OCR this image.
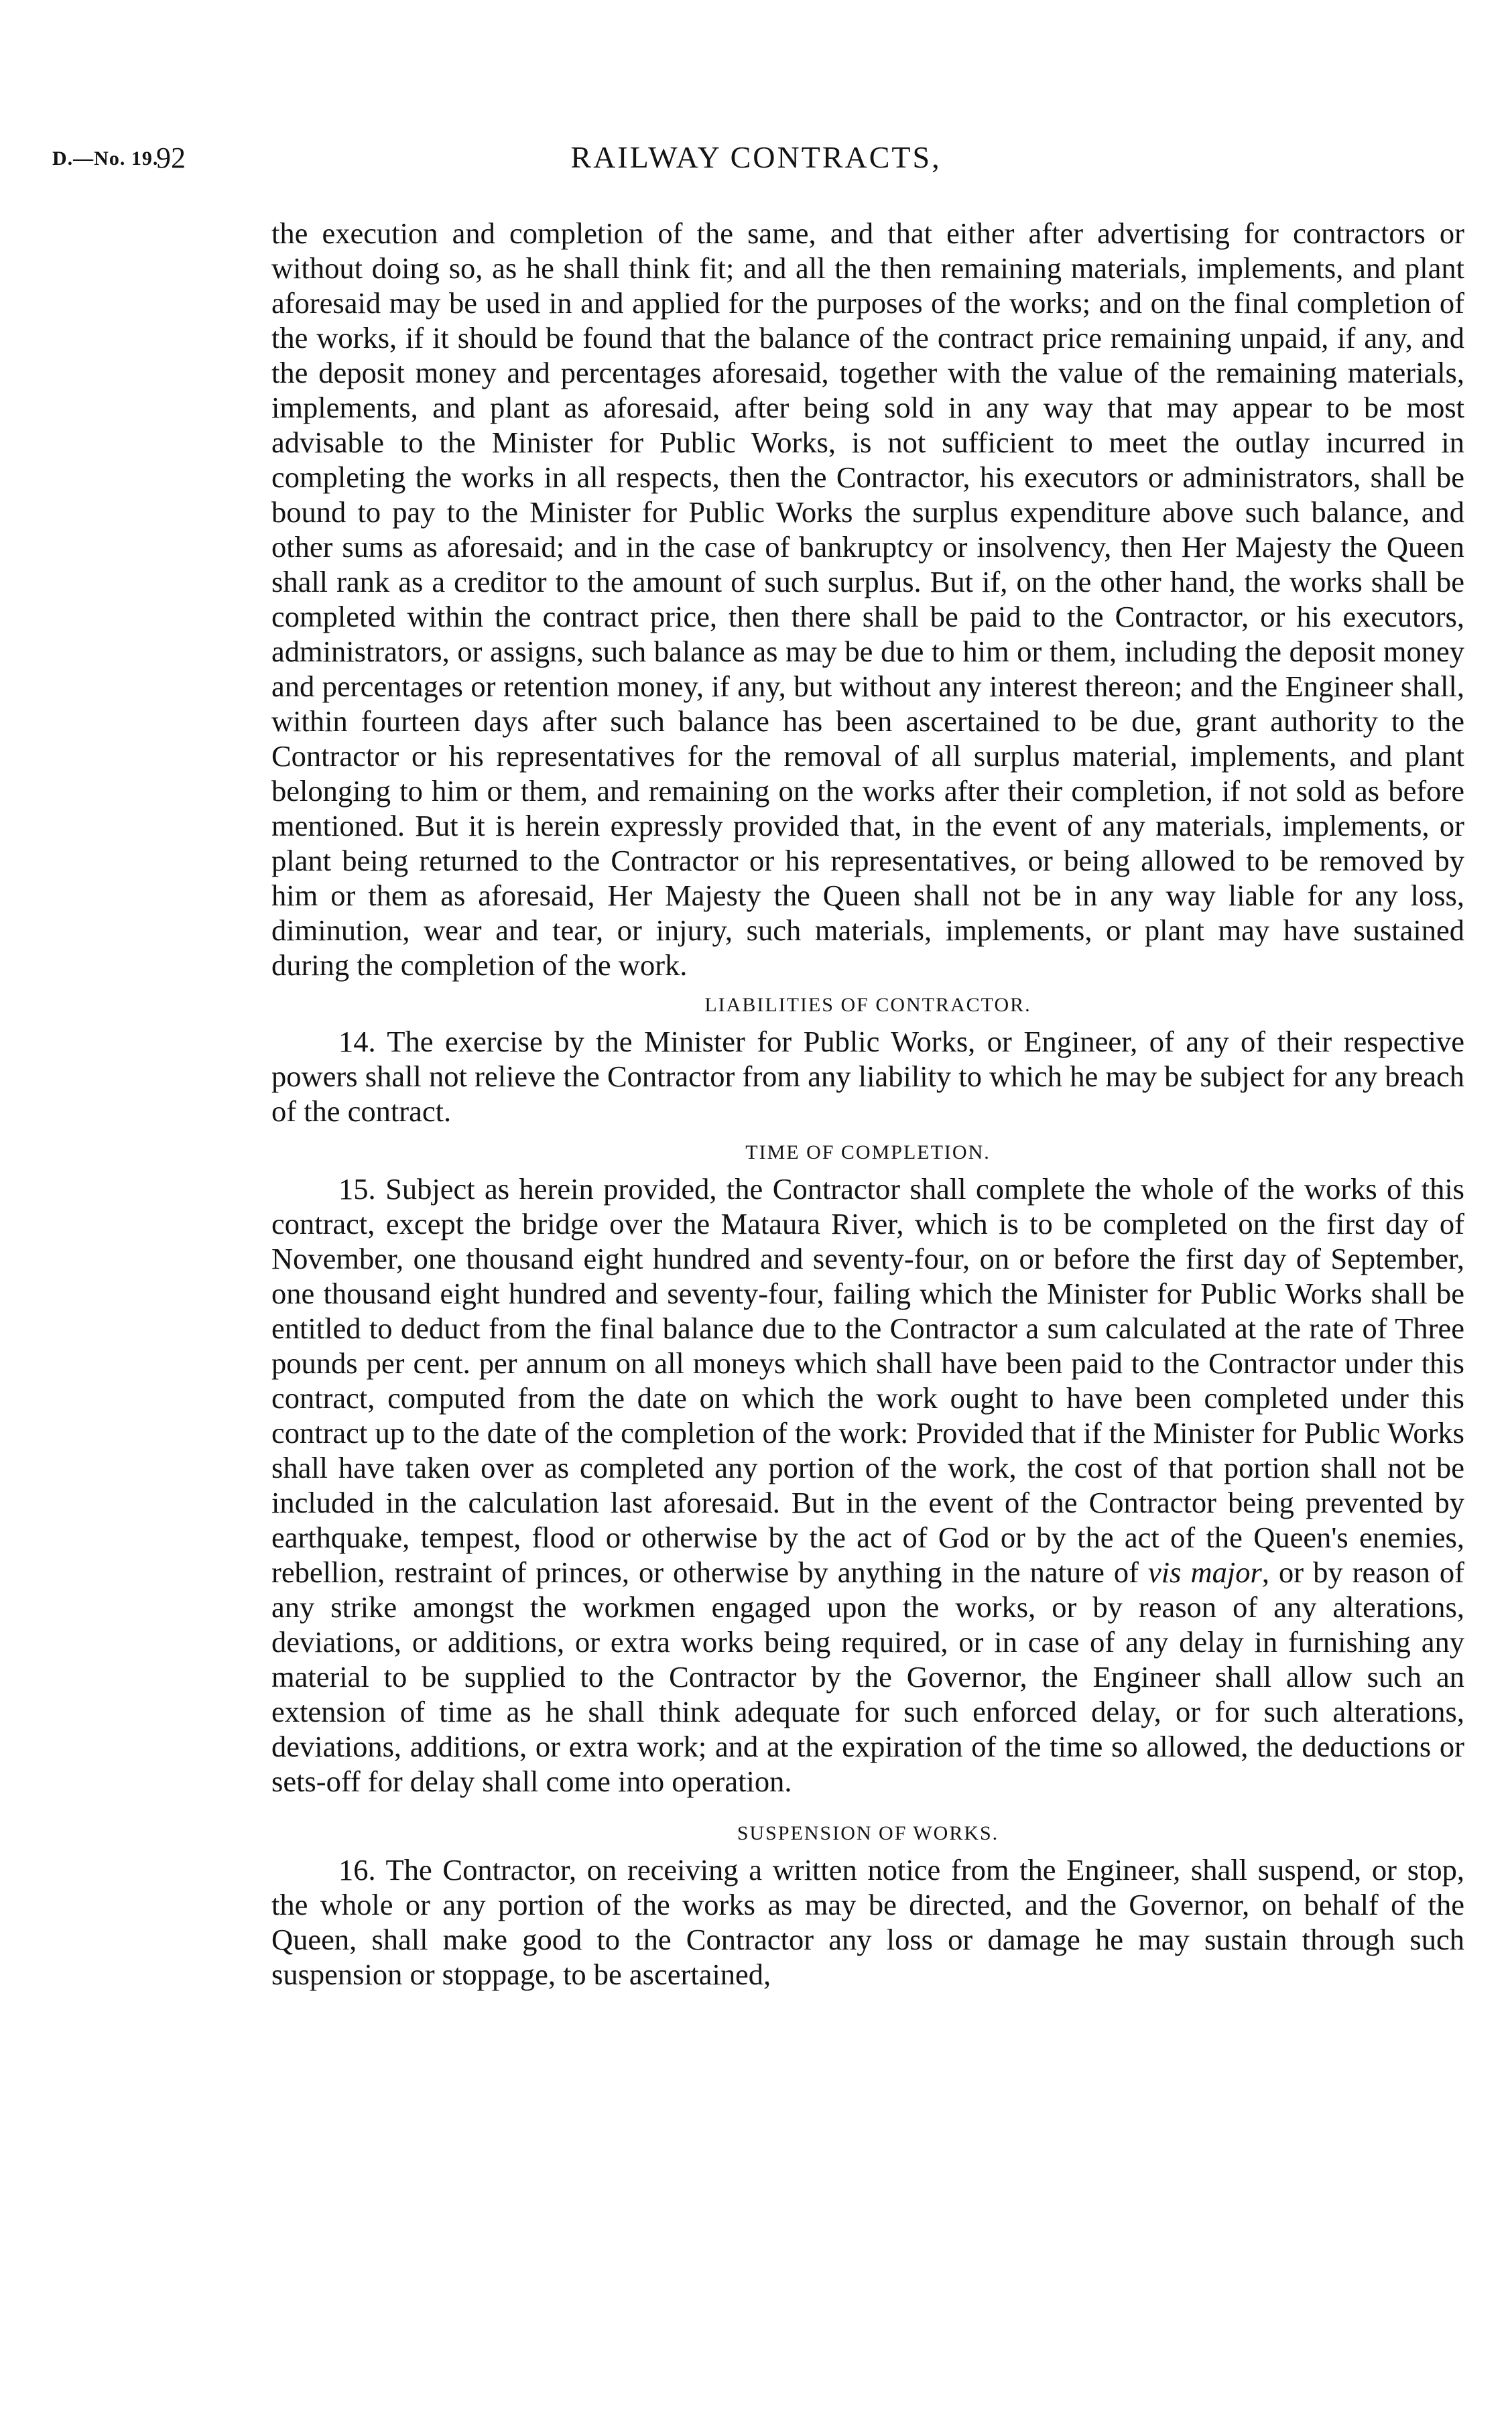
D.—No. 19.
92	RAILWAY CONTRACTS,

the execution and completion of the same, and that either after advertising for contractors or without doing so, as he shall think fit; and all the then remaining materials, implements, and plant aforesaid may be used in and applied for the purposes of the works; and on the final completion of the works, if it should be found that the balance of the contract price remaining unpaid, if any, and the deposit money and percentages aforesaid, together with the value of the remaining materials, implements, and plant as aforesaid, after being sold in any way that may appear to be most advisable to the Minister for Public Works, is not sufficient to meet the outlay incurred in completing the works in all respects, then the Contractor, his executors or administrators, shall be bound to pay to the Minister for Public Works the surplus expenditure above such balance, and other sums as aforesaid; and in the case of bankruptcy or insolvency, then Her Majesty the Queen shall rank as a creditor to the amount of such surplus. But if, on the other hand, the works shall be completed within the contract price, then there shall be paid to the Contractor, or his executors, administrators, or assigns, such balance as may be due to him or them, including the deposit money and percentages or retention money, if any, but without any interest thereon; and the Engineer shall, within fourteen days after such balance has been ascertained to be due, grant authority to the Contractor or his representatives for the removal of all surplus material, implements, and plant belonging to him or them, and remaining on the works after their completion, if not sold as before mentioned. But it is herein expressly provided that, in the event of any materials, implements, or plant being returned to the Contractor or his representatives, or being allowed to be removed by him or them as aforesaid, Her Majesty the Queen shall not be in any way liable for any loss, diminution, wear and tear, or injury, such materials, implements, or plant may have sustained during the completion of the work.

LIABILITIES OF CONTRACTOR.

14. The exercise by the Minister for Public Works, or Engineer, of any of their respective powers shall not relieve the Contractor from any liability to which he may be subject for any breach of the contract.

TIME OF COMPLETION.

15. Subject as herein provided, the Contractor shall complete the whole of the works of this contract, except the bridge over the Mataura River, which is to be completed on the first day of November, one thousand eight hundred and seventy-four, on or before the first day of September, one thousand eight hundred and seventy-four, failing which the Minister for Public Works shall be entitled to deduct from the final balance due to the Contractor a sum calculated at the rate of Three pounds per cent. per annum on all moneys which shall have been paid to the Contractor under this contract, computed from the date on which the work ought to have been completed under this contract up to the date of the completion of the work: Provided that if the Minister for Public Works shall have taken over as completed any portion of the work, the cost of that portion shall not be included in the calculation last aforesaid. But in the event of the Contractor being prevented by earthquake, tempest, flood or otherwise by the act of God or by the act of the Queen's enemies, rebellion, restraint of princes, or otherwise by anything in the nature of vis major, or by reason of any strike amongst the workmen engaged upon the works, or by reason of any alterations, deviations, or additions, or extra works being required, or in case of any delay in furnishing any material to be supplied to the Contractor by the Governor, the Engineer shall allow such an extension of time as he shall think adequate for such enforced delay, or for such alterations, deviations, additions, or extra work; and at the expiration of the time so allowed, the deductions or sets-off for delay shall come into operation.

SUSPENSION OF WORKS.

16. The Contractor, on receiving a written notice from the Engineer, shall suspend, or stop, the whole or any portion of the works as may be directed, and the Governor, on behalf of the Queen, shall make good to the Contractor any loss or damage he may sustain through such suspension or stoppage, to be ascertained,
